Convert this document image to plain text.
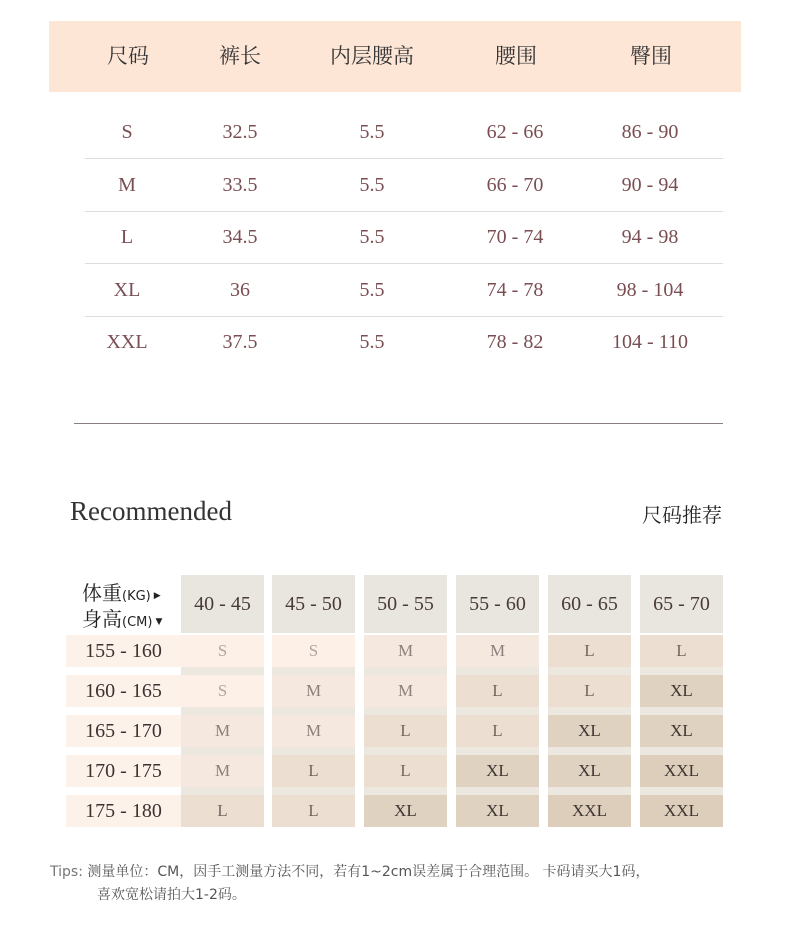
尺码	裤长	内层腰高	腰围	臀围
S	32.5	5.5	62 - 66	86 - 90
M	33.5	5.5	66 - 70	90 - 94
L	34.5	5.5	70 - 74	94 - 98
XL	36	5.5	74 - 78	98 - 104
XXL	37.5	5.5	78 - 82	104 - 110
Recommended	尺码推荐
体重(KG) ▶
身高(CM) ▼
40 - 45	45 - 50	50 - 55	55 - 60	60 - 65	65 - 70
155 - 160	S	S	M	M	L	L
160 - 165	S	M	M	L	L	XL
165 - 170	M	M	L	L	XL	XL
170 - 175	M	L	L	XL	XL	XXL
175 - 180	L	L	XL	XL	XXL	XXL
Tips: 测量单位：CM，因手工测量方法不同，若有1~2cm误差属于合理范围。 卡码请买大1码，
喜欢宽松请拍大1-2码。
